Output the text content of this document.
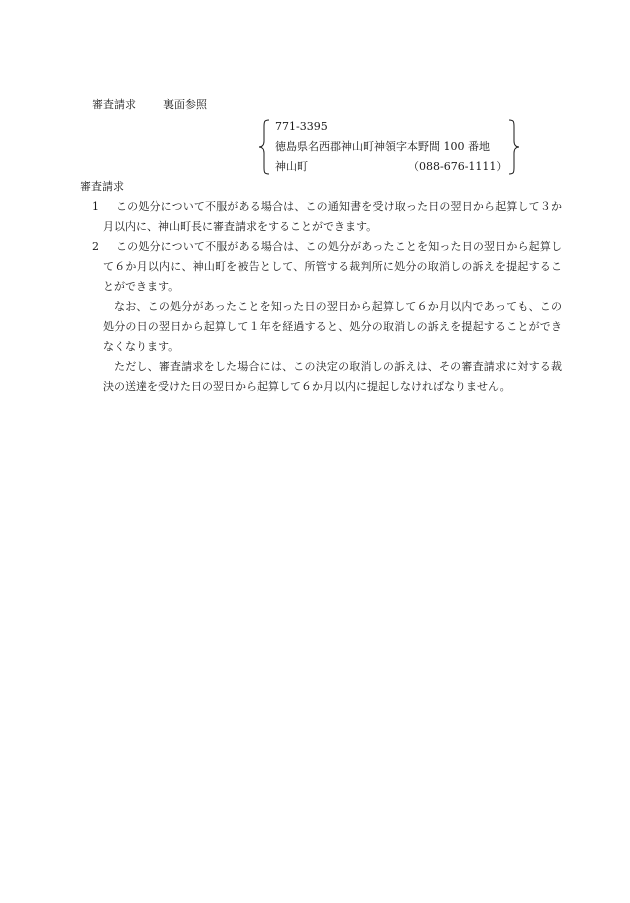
審査請求 裏面参照
771-3395
徳島県名西郡神山町神領字本野間 100 番地
神山町	（088-676-1111）
審査請求
1	この処分について不服がある場合は、この通知書を受け取った日の翌日から起算して３か月以内に、神山町長に審査請求をすることができます。
2	この処分について不服がある場合は、この処分があったことを知った日の翌日から起算して６か月以内に、神山町を被告として、所管する裁判所に処分の取消しの訴えを提起することができます。
なお、この処分があったことを知った日の翌日から起算して６か月以内であっても、この処分の日の翌日から起算して１年を経過すると、処分の取消しの訴えを提起することができなくなります。
ただし、審査請求をした場合には、この決定の取消しの訴えは、その審査請求に対する裁決の送達を受けた日の翌日から起算して６か月以内に提起しなければなりません。
